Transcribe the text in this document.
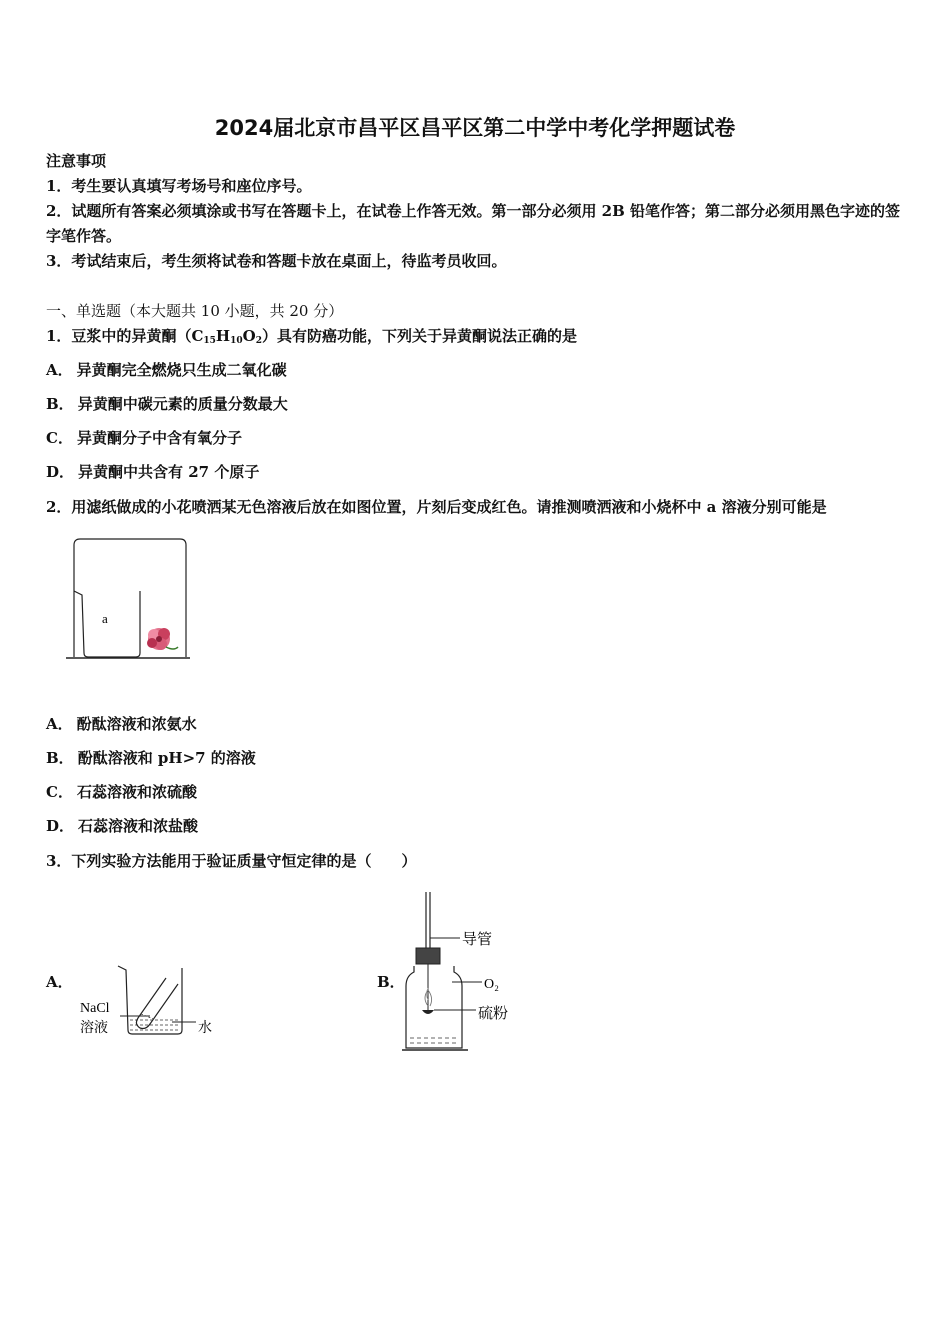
2024届北京市昌平区昌平区第二中学中考化学押题试卷
注意事项
1．考生要认真填写考场号和座位序号。
2．试题所有答案必须填涂或书写在答题卡上，在试卷上作答无效。第一部分必须用 2B 铅笔作答；第二部分必须用黑色字迹的签字笔作答。
3．考试结束后，考生须将试卷和答题卡放在桌面上，待监考员收回。
一、单选题（本大题共 10 小题，共 20 分）
1．豆浆中的异黄酮$(C_{15}H_{10}O_2)$具有防癌功能，下列关于异黄酮说法正确的是
A． 异黄酮完全燃烧只生成二氧化碳
B． 异黄酮中碳元素的质量分数最大
C． 异黄酮分子中含有氧分子
D． 异黄酮中共含有 27 个原子
2．用滤纸做成的小花喷洒某无色溶液后放在如图位置，片刻后变成红色。请推测喷洒液和小烧杯中 a 溶液分别可能是
a
A． 酚酞溶液和浓氨水
B． 酚酞溶液和 pH>7 的溶液
C． 石蕊溶液和浓硫酸
D． 石蕊溶液和浓盐酸
3．下列实验方法能用于验证质量守恒定律的是（　　）
A．
NaCl
溶液	水
B．
导管
O₂
硫粉
